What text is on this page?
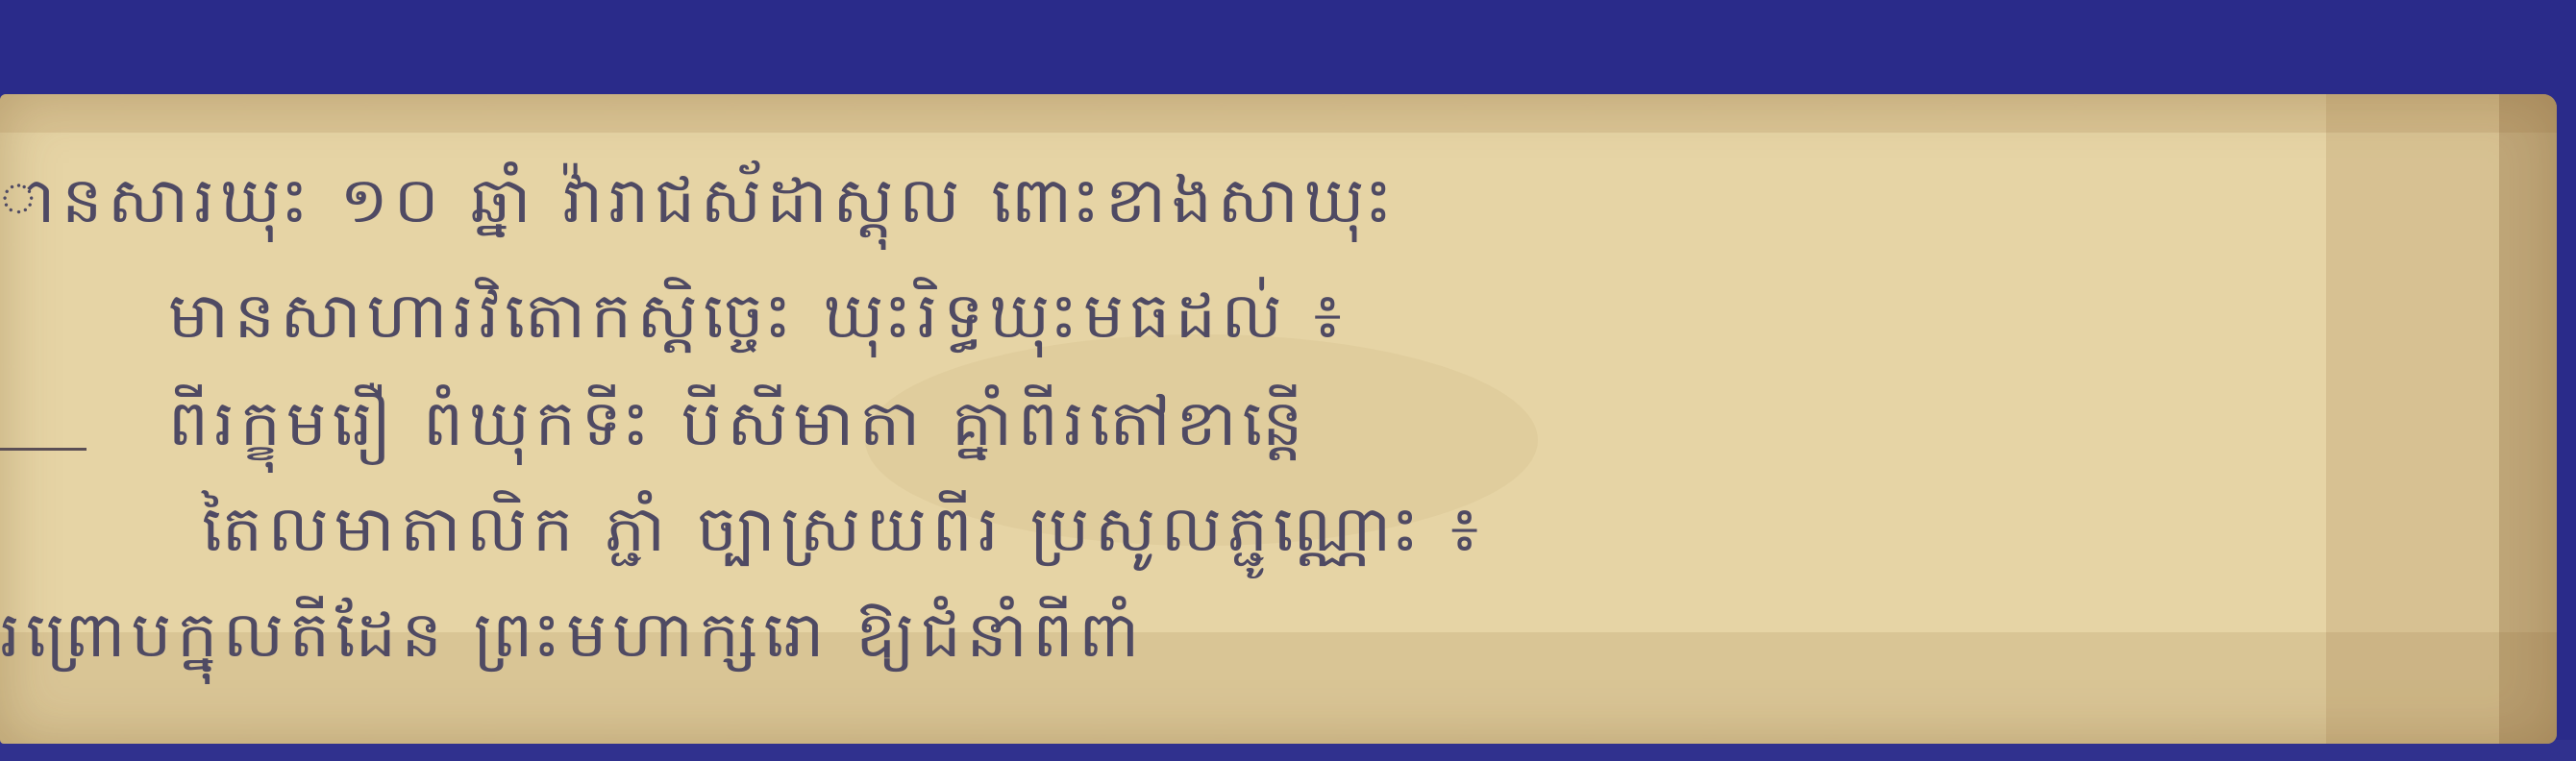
ានសារឃុះ ១០ ឆ្នាំ វ៉ារាជស័ដាស្ដុល ពោះខាងសាឃុះ
មានសាហារវិតោកស្ដិច្ចេះ ឃុះរិទ្ធឃុះមធដល់ ៖
ពីរក្ខុមរឿ ពំឃុកទីះ បីសីមាតា គ្នាំពីរតៅខាន្ដើ
តៃលមាតាលិក ភ្ជាំ ច្បាស្រយពីរ ប្រសូលភ្ជូណ្ណោះ ៖
រព្រោបក្នុលតីដែន ព្រះមហាក្សរោ ឱ្យជំនាំពីពាំ
